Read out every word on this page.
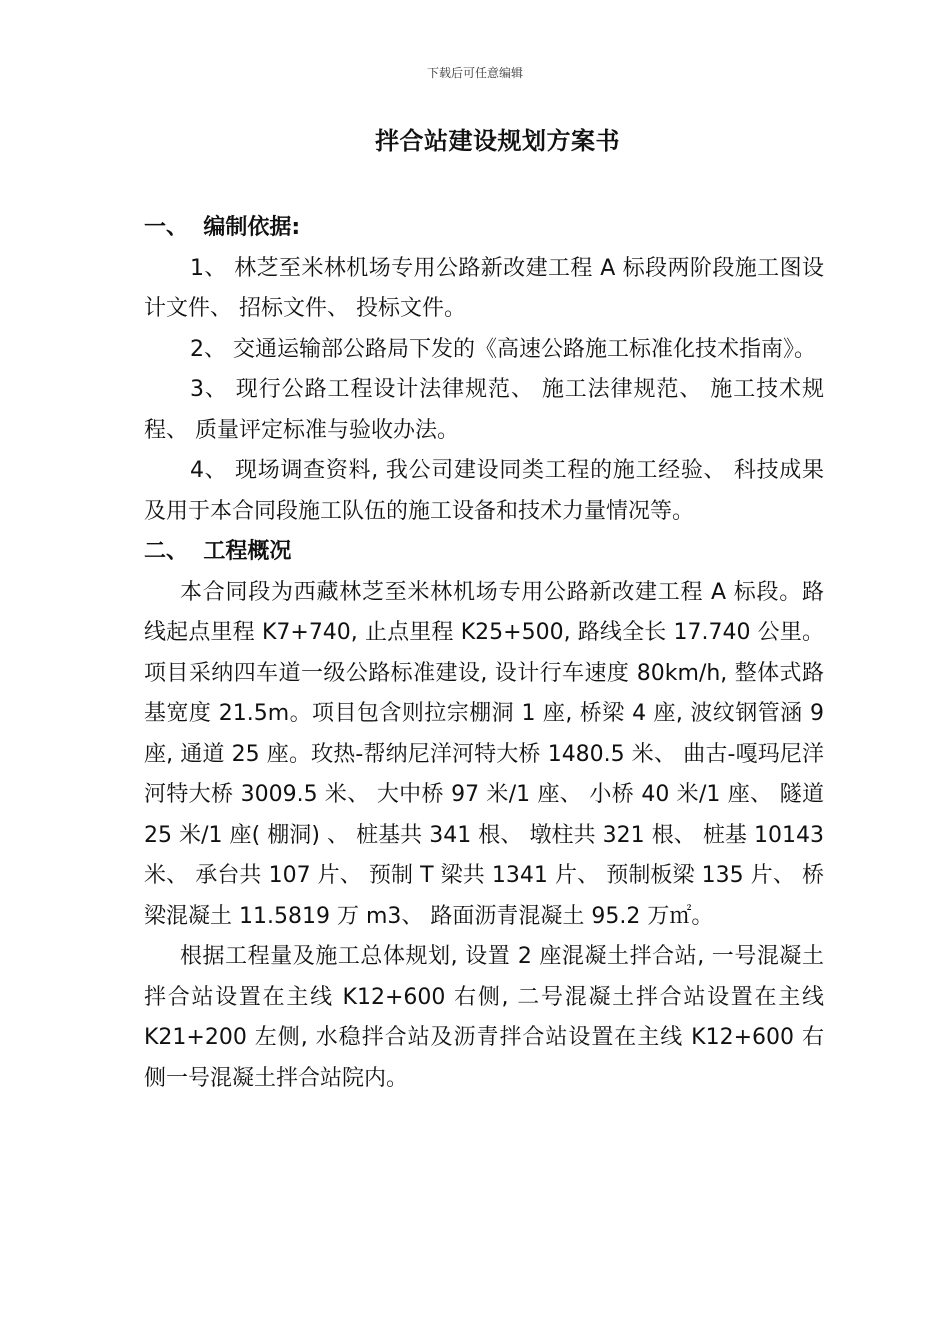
下载后可任意编辑
拌合站建设规划方案书

一、  编制依据:

1、 林芝至米林机场专用公路新改建工程 A 标段两阶段施工图设计文件、 招标文件、 投标文件。

2、 交通运输部公路局下发的《高速公路施工标准化技术指南》。

3、 现行公路工程设计法律规范、 施工法律规范、 施工技术规程、 质量评定标准与验收办法。

4、 现场调查资料, 我公司建设同类工程的施工经验、 科技成果及用于本合同段施工队伍的施工设备和技术力量情况等。

二、  工程概况

本合同段为西藏林芝至米林机场专用公路新改建工程 A 标段。路线起点里程 K7+740, 止点里程 K25+500, 路线全长 17.740 公里。项目采纳四车道一级公路标准建设, 设计行车速度 80km/h, 整体式路基宽度 21.5m。项目包含则拉宗棚洞 1 座, 桥梁 4 座, 波纹钢管涵 9 座, 通道 25 座。玫热-帮纳尼洋河特大桥 1480.5 米、 曲古-嘎玛尼洋河特大桥 3009.5 米、 大中桥 97 米/1 座、 小桥 40 米/1 座、 隧道 25 米/1 座( 棚洞) 、 桩基共 341 根、 墩柱共 321 根、 桩基 10143 米、 承台共 107 片、 预制 T 梁共 1341 片、 预制板梁 135 片、 桥梁混凝土 11.5819 万 m3、 路面沥青混凝土 95.2 万㎡。

根据工程量及施工总体规划, 设置 2 座混凝土拌合站, 一号混凝土拌合站设置在主线 K12+600 右侧, 二号混凝土拌合站设置在主线 K21+200 左侧, 水稳拌合站及沥青拌合站设置在主线 K12+600 右侧一号混凝土拌合站院内。
